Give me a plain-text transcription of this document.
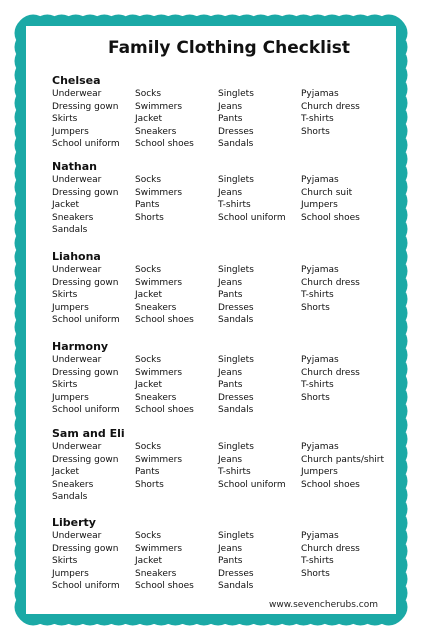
Family Clothing Checklist
Chelsea
Underwear	Socks	Singlets	Pyjamas
Dressing gown	Swimmers	Jeans	Church dress
Skirts	Jacket	Pants	T-shirts
Jumpers	Sneakers	Dresses	Shorts
School uniform	School shoes	Sandals
Nathan
Underwear	Socks	Singlets	Pyjamas
Dressing gown	Swimmers	Jeans	Church suit
Jacket	Pants	T-shirts	Jumpers
Sneakers	Shorts	School uniform	School shoes
Sandals
Liahona
Underwear	Socks	Singlets	Pyjamas
Dressing gown	Swimmers	Jeans	Church dress
Skirts	Jacket	Pants	T-shirts
Jumpers	Sneakers	Dresses	Shorts
School uniform	School shoes	Sandals
Harmony
Underwear	Socks	Singlets	Pyjamas
Dressing gown	Swimmers	Jeans	Church dress
Skirts	Jacket	Pants	T-shirts
Jumpers	Sneakers	Dresses	Shorts
School uniform	School shoes	Sandals
Sam and Eli
Underwear	Socks	Singlets	Pyjamas
Dressing gown	Swimmers	Jeans	Church pants/shirt
Jacket	Pants	T-shirts	Jumpers
Sneakers	Shorts	School uniform	School shoes
Sandals
Liberty
Underwear	Socks	Singlets	Pyjamas
Dressing gown	Swimmers	Jeans	Church dress
Skirts	Jacket	Pants	T-shirts
Jumpers	Sneakers	Dresses	Shorts
School uniform	School shoes	Sandals
www.sevencherubs.com
